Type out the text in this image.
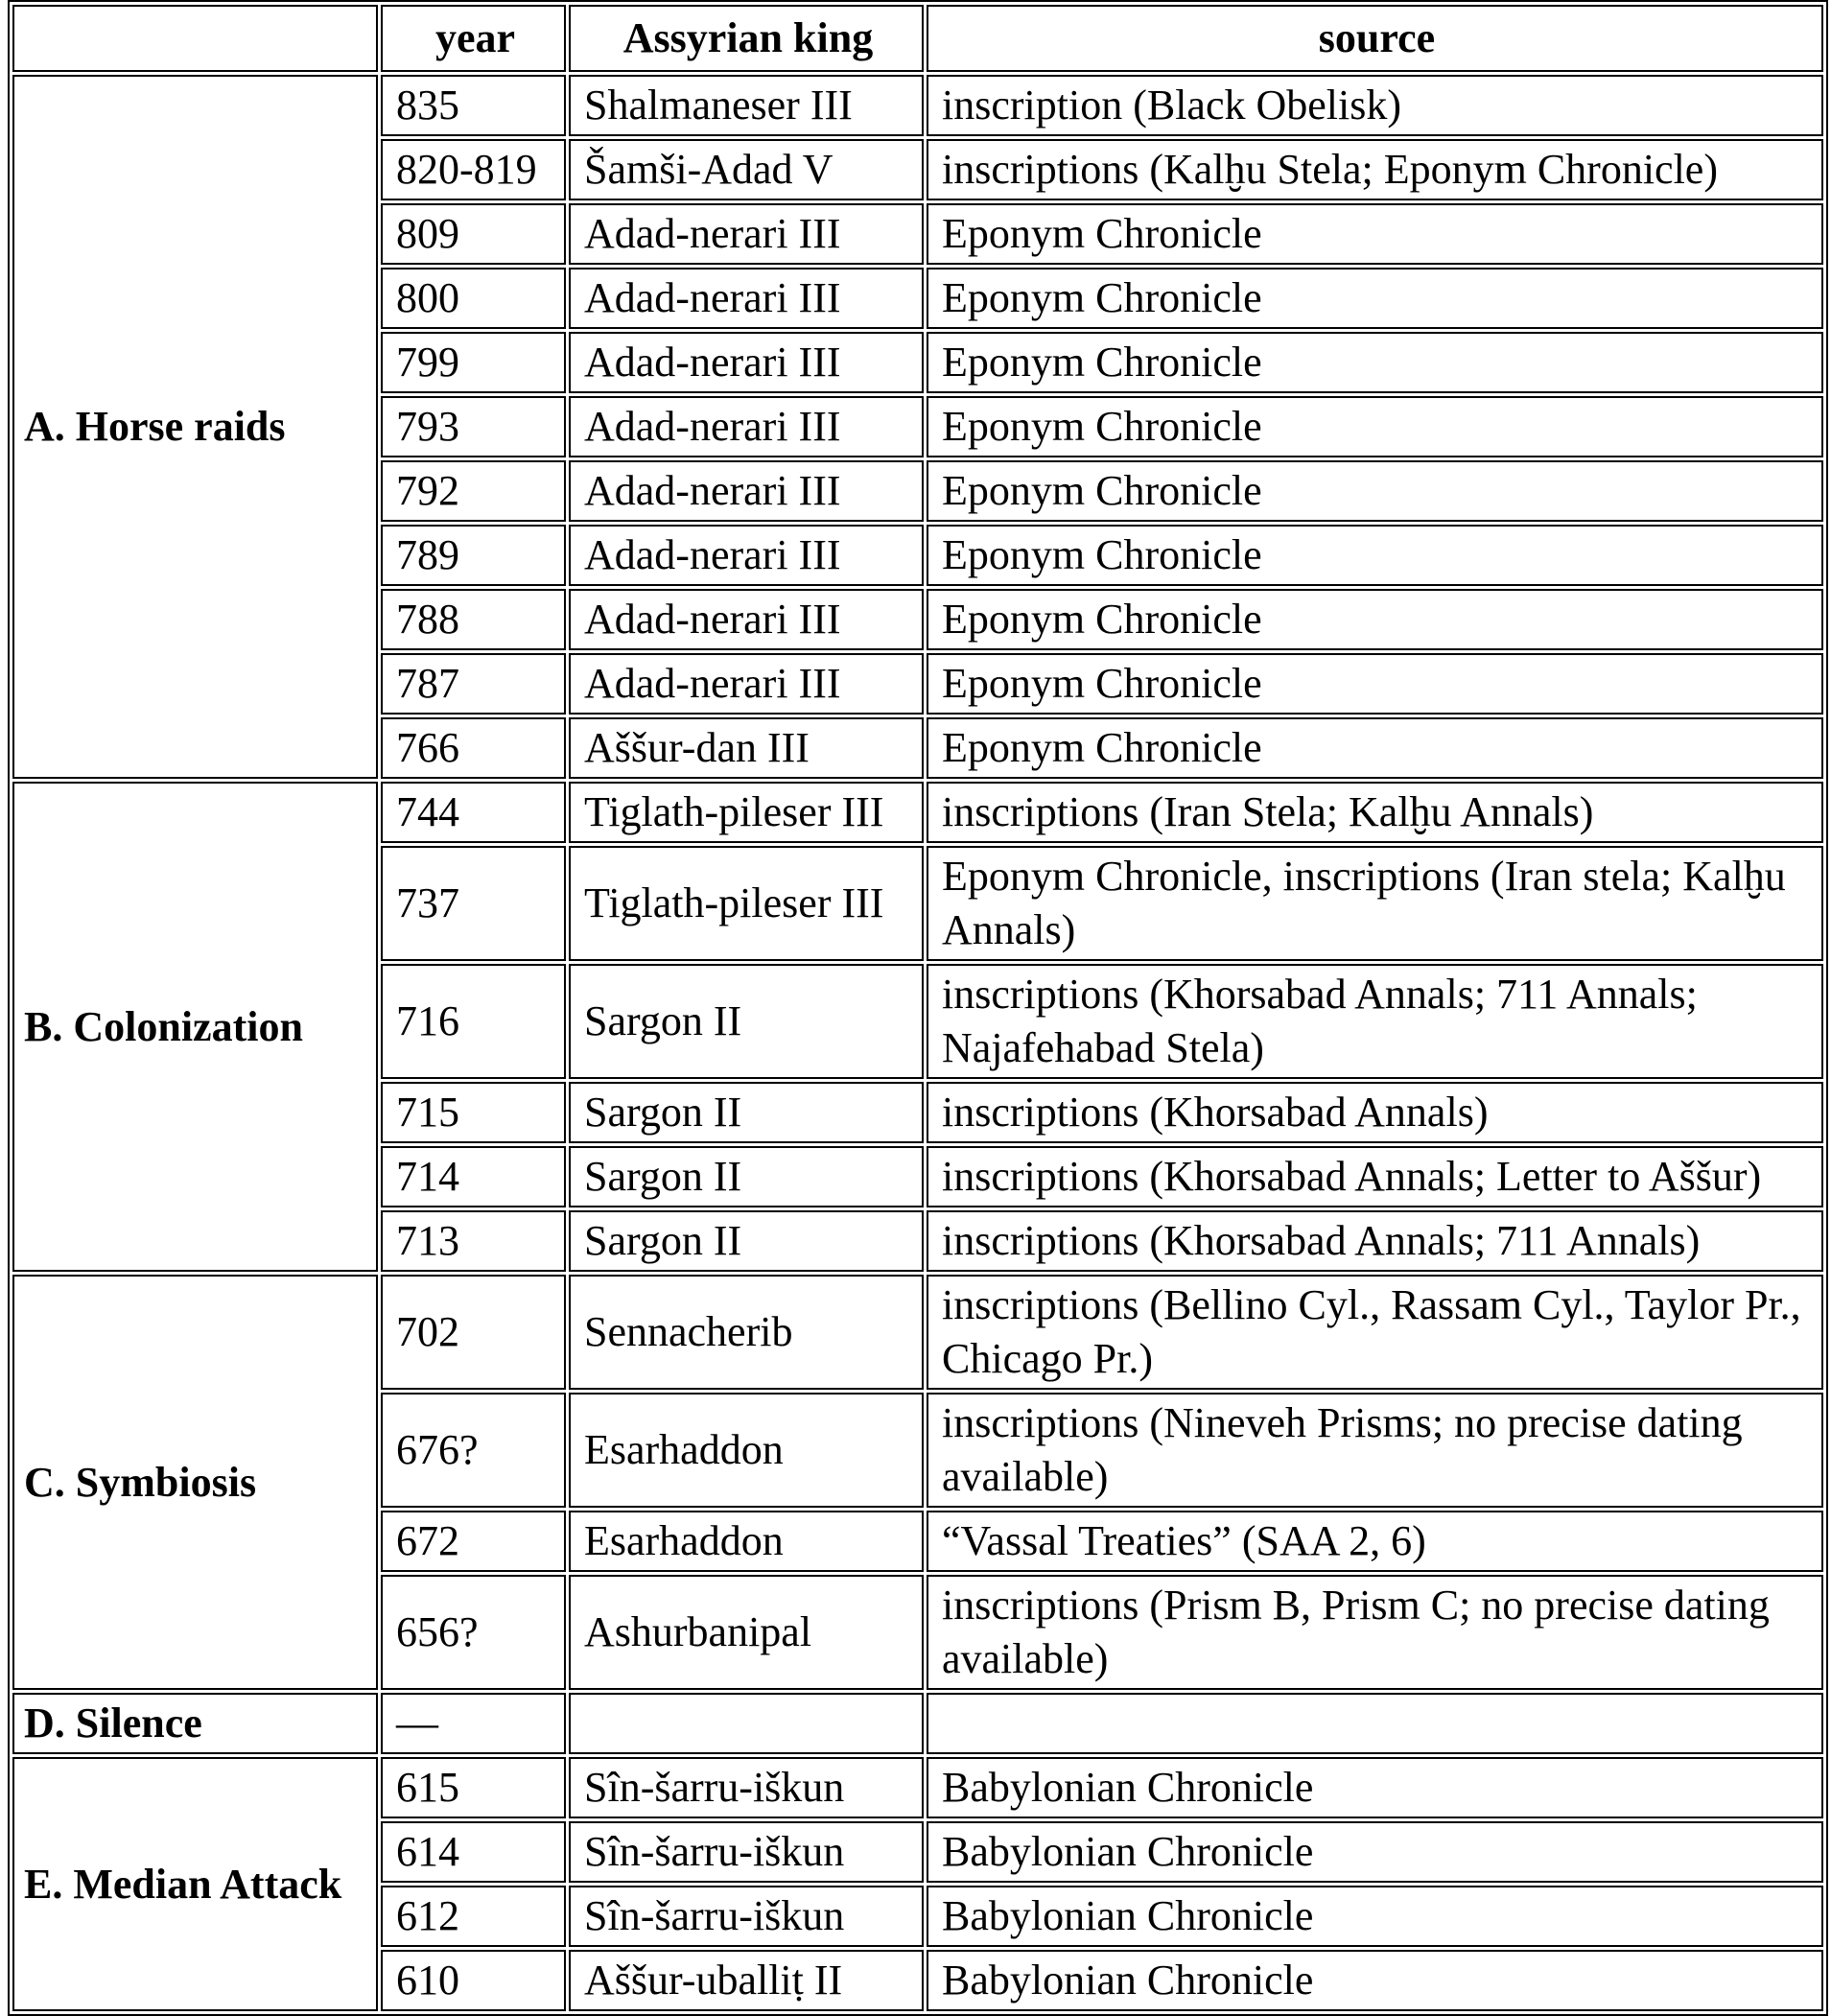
	year	Assyrian king	source
A. Horse raids	835	Shalmaneser III	inscription (Black Obelisk)
	820-819	Šamši-Adad V	inscriptions (Kalḫu Stela; Eponym Chronicle)
	809	Adad-nerari III	Eponym Chronicle
	800	Adad-nerari III	Eponym Chronicle
	799	Adad-nerari III	Eponym Chronicle
	793	Adad-nerari III	Eponym Chronicle
	792	Adad-nerari III	Eponym Chronicle
	789	Adad-nerari III	Eponym Chronicle
	788	Adad-nerari III	Eponym Chronicle
	787	Adad-nerari III	Eponym Chronicle
	766	Aššur-dan III	Eponym Chronicle
B. Colonization	744	Tiglath-pileser III	inscriptions (Iran Stela; Kalḫu Annals)
	737	Tiglath-pileser III	Eponym Chronicle, inscriptions (Iran stela; Kalḫu Annals)
	716	Sargon II	inscriptions (Khorsabad Annals; 711 Annals; Najafehabad Stela)
	715	Sargon II	inscriptions (Khorsabad Annals)
	714	Sargon II	inscriptions (Khorsabad Annals; Letter to Aššur)
	713	Sargon II	inscriptions (Khorsabad Annals; 711 Annals)
C. Symbiosis	702	Sennacherib	inscriptions (Bellino Cyl., Rassam Cyl., Taylor Pr., Chicago Pr.)
	676?	Esarhaddon	inscriptions (Nineveh Prisms; no precise dating available)
	672	Esarhaddon	“Vassal Treaties” (SAA 2, 6)
	656?	Ashurbanipal	inscriptions (Prism B, Prism C; no precise dating available)
D. Silence	—		
E. Median Attack	615	Sîn-šarru-iškun	Babylonian Chronicle
	614	Sîn-šarru-iškun	Babylonian Chronicle
	612	Sîn-šarru-iškun	Babylonian Chronicle
	610	Aššur-uballiṭ II	Babylonian Chronicle
